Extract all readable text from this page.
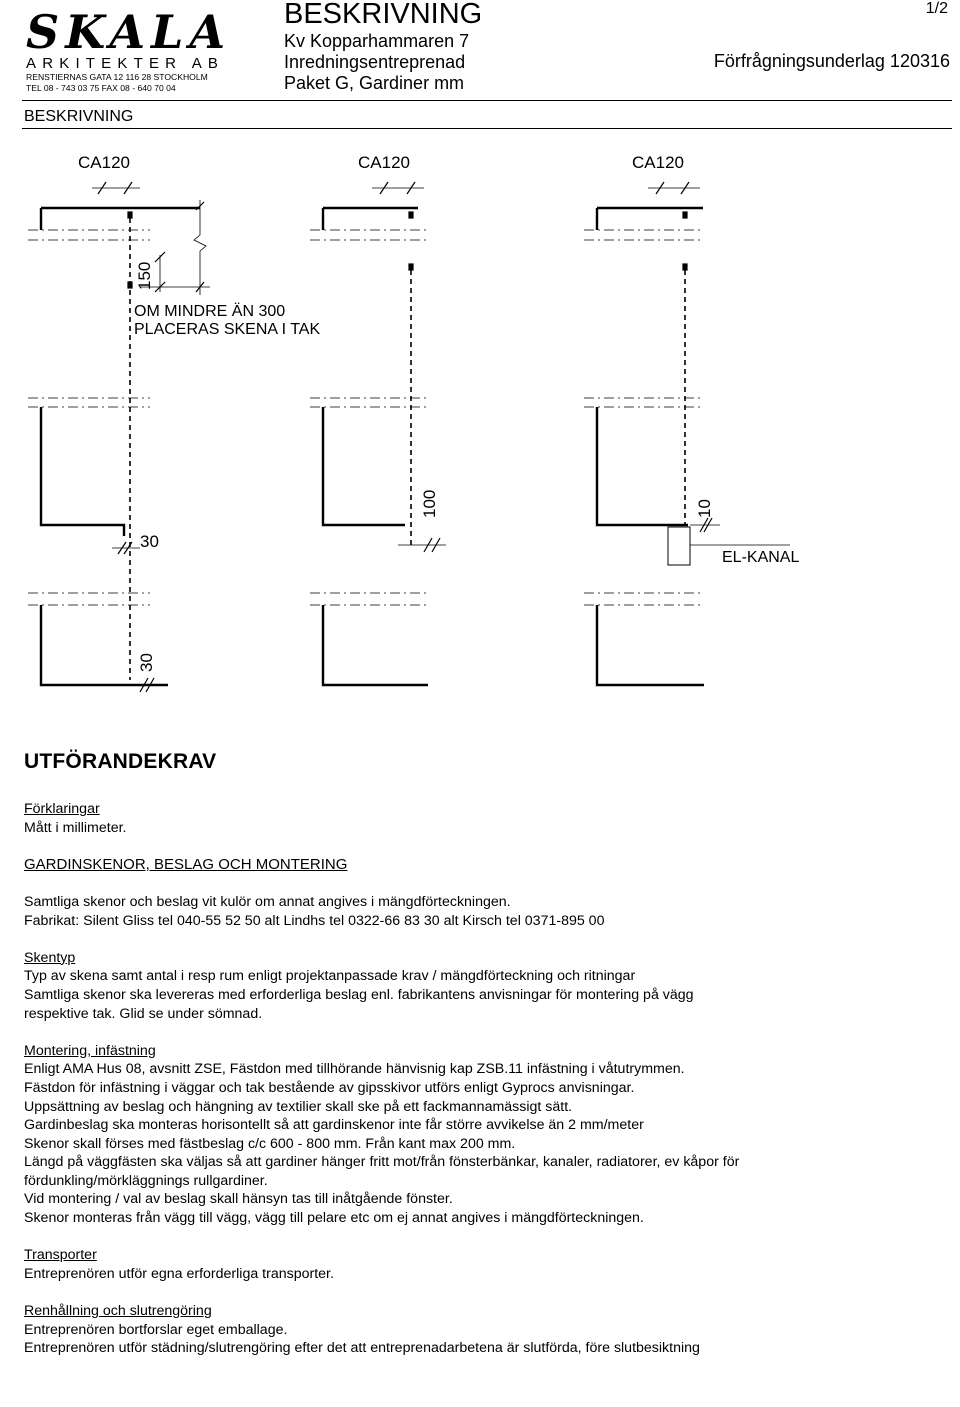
SKALA
ARKITEKTER AB
RENSTIERNAS GATA 12 116 28 STOCKHOLM
TEL 08 - 743 03 75 FAX 08 - 640 70 04
BESKRIVNING
Kv Kopparhammaren 7
Inredningsentreprenad
Paket G, Gardiner mm
1/2
Förfrågningsunderlag 120316
BESKRIVNING
CA120	CA120	CA120
150
OM MINDRE ÄN 300
PLACERAS SKENA I TAK
30
100	10
EL-KANAL
30
UTFÖRANDEKRAV

Förklaringar

Mått i millimeter.

GARDINSKENOR, BESLAG OCH MONTERING

Samtliga skenor och beslag vit kulör om annat angives i mängdförteckningen.

Fabrikat: Silent Gliss tel 040-55 52 50 alt Lindhs tel 0322-66 83 30 alt Kirsch tel 0371-895 00

Skentyp

Typ av skena samt antal i resp rum enligt projektanpassade krav / mängdförteckning och ritningar

Samtliga skenor ska levereras med erforderliga beslag enl. fabrikantens anvisningar för montering på vägg

respektive tak. Glid se under sömnad.

Montering, infästning

Enligt AMA Hus 08, avsnitt ZSE, Fästdon med tillhörande hänvisnig kap ZSB.11 infästning i våtutrymmen.

Fästdon för infästning i väggar och tak bestående av gipsskivor utförs enligt Gyprocs anvisningar.

Uppsättning av beslag och hängning av textilier skall ske på ett fackmannamässigt sätt.

Gardinbeslag ska monteras horisontellt så att gardinskenor inte får större avvikelse än 2 mm/meter

Skenor skall förses med fästbeslag c/c 600 - 800 mm. Från kant max 200 mm.

Längd på väggfästen ska väljas så att gardiner hänger fritt mot/från fönsterbänkar, kanaler, radiatorer, ev kåpor för

fördunkling/mörkläggnings rullgardiner.

Vid montering / val av beslag skall hänsyn tas till inåtgående fönster.

Skenor monteras från vägg till vägg, vägg till pelare etc om ej annat angives i mängdförteckningen.

Transporter

Entreprenören utför egna erforderliga transporter.

Renhållning och slutrengöring

Entreprenören bortforslar eget emballage.

Entreprenören utför städning/slutrengöring efter det att entreprenadarbetena är slutförda, före slutbesiktning
